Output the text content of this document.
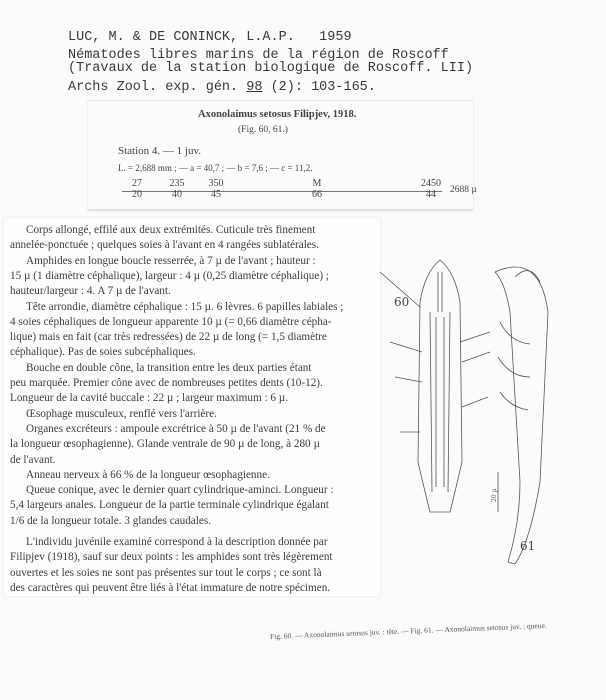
LUC, M. & DE CONINCK, L.A.P. 1959
Nématodes libres marins de la région de Roscoff
(Travaux de la station biologique de Roscoff. LII)
Archs Zool. exp. gén. 98 (2): 103-165.
Axonolaimus setosus Filipjev, 1918.
(Fig. 60, 61.)
Station 4. — 1 juv.
L. = 2,688 mm ; — a = 40,7 ; — b = 7,6 ; — c = 11,2.
27
20
235
40
350
45
M
66
2450
44	2688 µ
Corps allongé, effilé aux deux extrémités. Cuticule très finement
annelée-ponctuée ; quelques soies à l'avant en 4 rangées sublatérales.
Amphides en longue boucle resserrée, à 7 µ de l'avant ; hauteur :
15 µ (1 diamètre céphalique), largeur : 4 µ (0,25 diamètre céphalique) ;
hauteur/largeur : 4. A 7 µ de l'avant.
Tête arrondie, diamètre céphalique : 15 µ. 6 lèvres. 6 papilles labiales ;
4 soies céphaliques de longueur apparente 10 µ (= 0,66 diamètre cépha-
lique) mais en fait (car très redressées) de 22 µ de long (= 1,5 diamètre
céphalique). Pas de soies subcéphaliques.
Bouche en double cône, la transition entre les deux parties étant
peu marquée. Premier cône avec de nombreuses petites dents (10-12).
Longueur de la cavité buccale : 22 µ ; largeur maximum : 6 µ.
Œsophage musculeux, renflé vers l'arrière.
Organes excréteurs : ampoule excrétrice à 50 µ de l'avant (21 % de
la longueur œsophagienne). Glande ventrale de 90 µ de long, à 280 µ
de l'avant.
Anneau nerveux à 66 % de la longueur œsophagienne.
Queue conique, avec le dernier quart cylindrique-aminci. Longueur :
5,4 largeurs anales. Longueur de la partie terminale cylindrique égalant
1/6 de la longueur totale. 3 glandes caudales.
L'individu juvénile examiné correspond à la description donnée par
Filipjev (1918), sauf sur deux points : les amphides sont très légèrement
ouvertes et les soies ne sont pas présentes sur tout le corps ; ce sont là
des caractères qui peuvent être liés à l'état immature de notre spécimen.
60
61
20 µ
Fig. 60. — Axonolaimus setosus juv. : tête. — Fig. 61. — Axonolaimus setosus juv. : queue.
